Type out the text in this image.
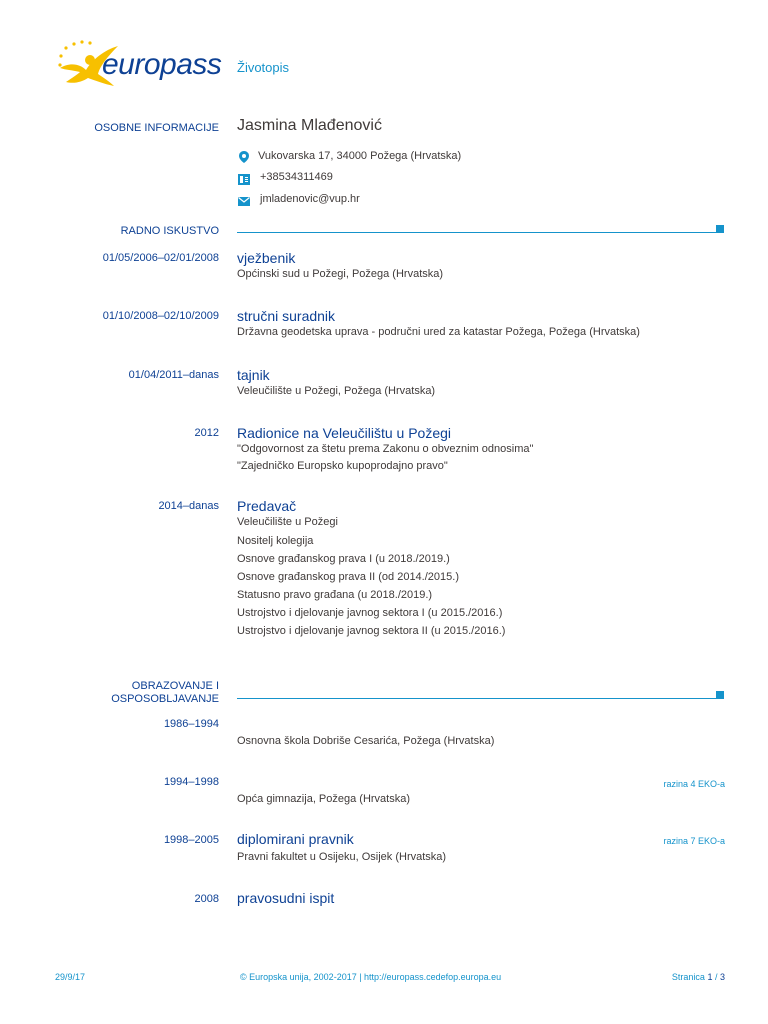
europass Životopis
OSOBNE INFORMACIJE Jasmina Mlađenović
Vukovarska 17, 34000 Požega (Hrvatska)
+38534311469
jmladenovic@vup.hr
RADNO ISKUSTVO
01/05/2006–02/01/2008 vježbenik
Općinski sud u Požegi, Požega (Hrvatska)
01/10/2008–02/10/2009 stručni suradnik
Državna geodetska uprava - područni ured za katastar Požega, Požega (Hrvatska)
01/04/2011–danas tajnik
Veleučilište u Požegi, Požega (Hrvatska)
2012 Radionice na Veleučilištu u Požegi
"Odgovornost za štetu prema Zakonu o obveznim odnosima"
"Zajedničko Europsko kupoprodajno pravo"
2014–danas Predavač
Veleučilište u Požegi
Nositelj kolegija
Osnove građanskog prava I (u 2018./2019.)
Osnove građanskog prava II (od 2014./2015.)
Statusno pravo građana (u 2018./2019.)
Ustrojstvo i djelovanje javnog sektora I (u 2015./2016.)
Ustrojstvo i djelovanje javnog sektora II (u 2015./2016.)
OBRAZOVANJE I
OSPOSOBLJAVANJE
1986–1994
Osnovna škola Dobriše Cesarića, Požega (Hrvatska)
1994–1998	razina 4 EKO-a
Opća gimnazija, Požega (Hrvatska)
1998–2005 diplomirani pravnik	razina 7 EKO-a
Pravni fakultet u Osijeku, Osijek (Hrvatska)
2008 pravosudni ispit
29/9/17	© Europska unija, 2002-2017 | http://europass.cedefop.europa.eu	Stranica 1 / 3
